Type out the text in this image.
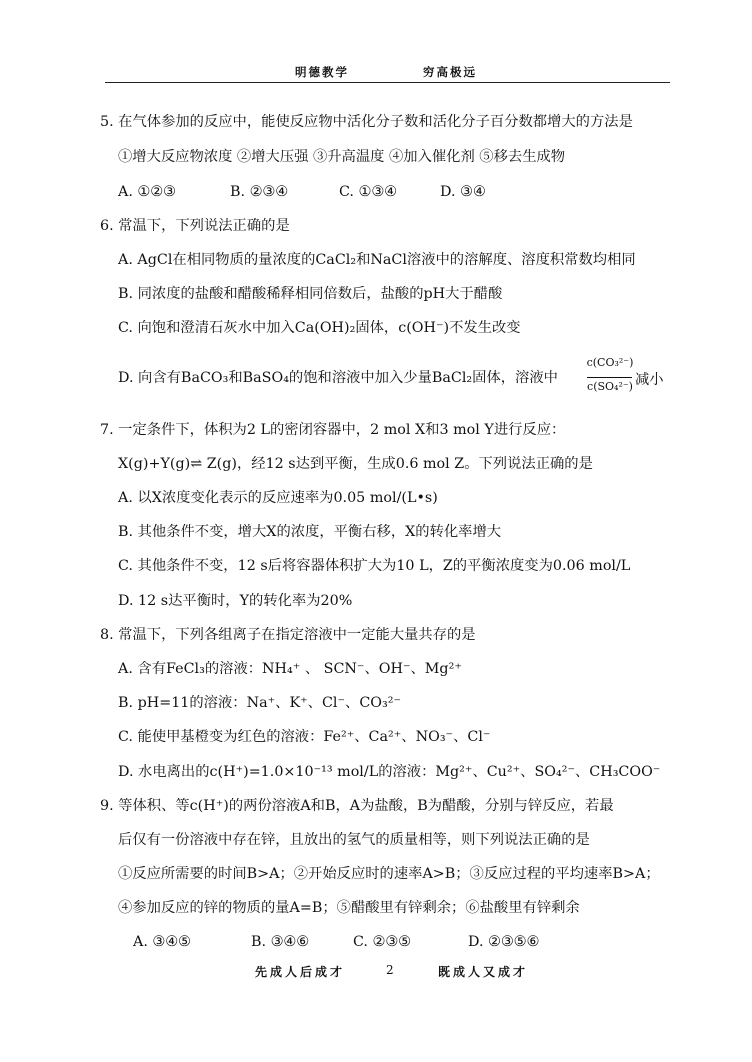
明德教学	穷高极远
5. 在气体参加的反应中，能使反应物中活化分子数和活化分子百分数都增大的方法是
①增大反应物浓度 ②增大压强 ③升高温度 ④加入催化剂 ⑤移去生成物
A. ①②③	B. ②③④	C. ①③④	D. ③④
6. 常温下，下列说法正确的是
A. AgCl在相同物质的量浓度的CaCl₂和NaCl溶液中的溶解度、溶度积常数均相同
B. 同浓度的盐酸和醋酸稀释相同倍数后，盐酸的pH大于醋酸
C. 向饱和澄清石灰水中加入Ca(OH)₂固体，c(OH⁻)不发生改变
D. 向含有BaCO₃和BaSO₄的饱和溶液中加入少量BaCl₂固体，溶液中
c(CO₃²⁻)
c(SO₄²⁻) 减小
7. 一定条件下，体积为2 L的密闭容器中，2 mol X和3 mol Y进行反应：
X(g)+Y(g)⇌ Z(g)，经12 s达到平衡，生成0.6 mol Z。下列说法正确的是
A. 以X浓度变化表示的反应速率为0.05 mol/(L•s)
B. 其他条件不变，增大X的浓度，平衡右移，X的转化率增大
C. 其他条件不变，12 s后将容器体积扩大为10 L，Z的平衡浓度变为0.06 mol/L
D. 12 s达平衡时，Y的转化率为20%
8. 常温下，下列各组离子在指定溶液中一定能大量共存的是
A. 含有FeCl₃的溶液：NH₄⁺ 、 SCN⁻、OH⁻、Mg²⁺
B. pH=11的溶液：Na⁺、K⁺、Cl⁻、CO₃²⁻
C. 能使甲基橙变为红色的溶液：Fe²⁺、Ca²⁺、NO₃⁻、Cl⁻
D. 水电离出的c(H⁺)=1.0×10⁻¹³ mol/L的溶液：Mg²⁺、Cu²⁺、SO₄²⁻、CH₃COO⁻
9. 等体积、等c(H⁺)的两份溶液A和B，A为盐酸，B为醋酸，分别与锌反应，若最
后仅有一份溶液中存在锌，且放出的氢气的质量相等，则下列说法正确的是
①反应所需要的时间B>A；②开始反应时的速率A>B；③反应过程的平均速率B>A；
④参加反应的锌的物质的量A=B；⑤醋酸里有锌剩余；⑥盐酸里有锌剩余
A. ③④⑤	B. ③④⑥	C. ②③⑤	D. ②③⑤⑥
先成人后成才	2	既成人又成才
